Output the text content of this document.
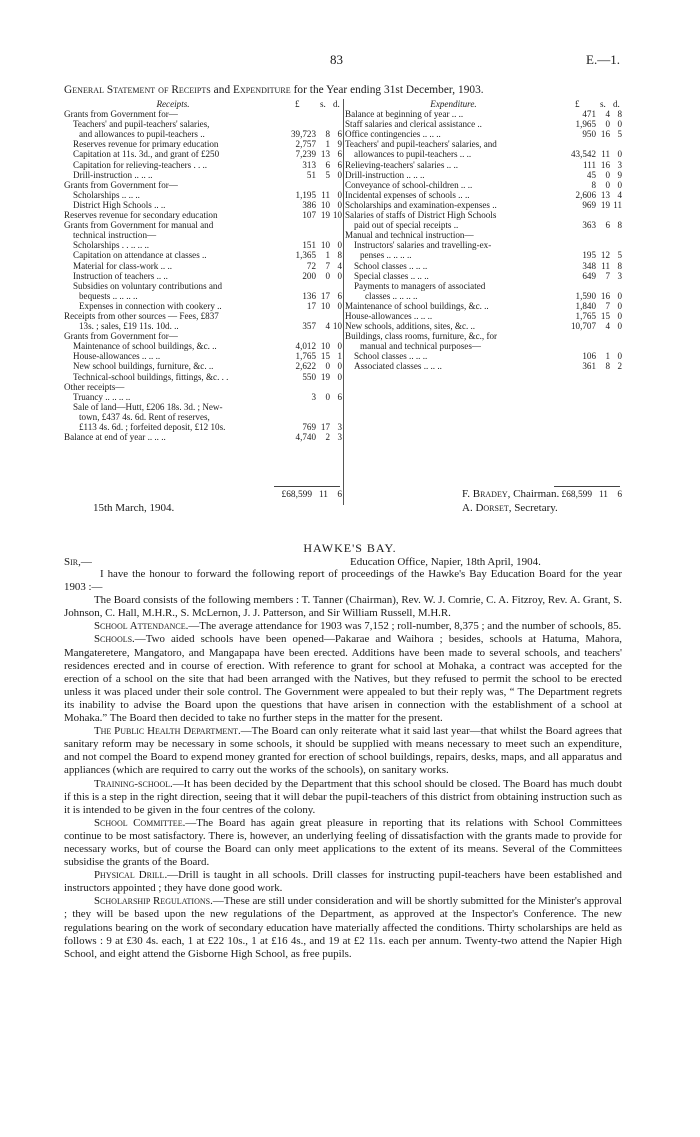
83	E.—1.
General Statement of Receipts and Expenditure for the Year ending 31st December, 1903.
Receipts.	£ s. d.
Grants from Government for—
Teachers' and pupil-teachers' salaries,
and allowances to pupil-teachers ..	39,723	8 6
Reserves revenue for primary education	2,757	1 9
Capitation at 11s. 3d., and grant of £250	7,239 13 6
Capitation for relieving-teachers . . ..	313	6 6
Drill-instruction .. .. ..	51	5 0
Grants from Government for—
Scholarships .. .. ..	1,195 11 0
District High Schools .. ..	386 10 0
Reserves revenue for secondary education	107 19 10
Grants from Government for manual and
technical instruction—
Scholarships . . .. .. ..	151 10 0
Capitation on attendance at classes ..	1,365	1 8
Material for class-work .. ..	72	7 4
Instruction of teachers .. ..	200	0 0
Subsidies on voluntary contributions and
bequests .. .. .. ..	136 17 6
Expenses in connection with cookery ..	17 10 0
Receipts from other sources — Fees, £837
13s. ; sales, £19 11s. 10d. ..	357	4 10
Grants from Government for—
Maintenance of school buildings, &c. ..	4,012 10 0
House-allowances .. .. ..	1,765 15 1
New school buildings, furniture, &c. ..	2,622	0 0
Technical-school buildings, fittings, &c. . .	550 19 0
Other receipts—
Truancy .. .. .. ..	3	0 6
Sale of land—Hutt, £206 18s. 3d. ; New-
town, £437 4s. 6d. Rent of reserves,
£113 4s. 6d. ; forfeited deposit, £12 10s.	769 17 3
Balance at end of year .. .. ..	4,740	2 3
Expenditure.	£ s. d.
Balance at beginning of year .. ..	471	4 8
Staff salaries and clerical assistance ..	1,965	0 0
Office contingencies .. .. ..	950 16 5
Teachers' and pupil-teachers' salaries, and
allowances to pupil-teachers .. ..	43,542 11 0
Relieving-teachers' salaries .. ..	111 16 3
Drill-instruction .. .. ..	45	0 9
Conveyance of school-children .. ..	8	0 0
Incidental expenses of schools .. ..	2,606 13 4
Scholarships and examination-expenses ..	969 19 11
Salaries of staffs of District High Schools
paid out of special receipts ..	363	6 8
Manual and technical instruction—
Instructors' salaries and travelling-ex-
penses .. .. .. ..	195 12 5
School classes .. .. ..	348 11 8
Special classes .. .. ..	649	7 3
Payments to managers of associated
classes .. .. .. ..	1,590 16 0
Maintenance of school buildings, &c. ..	1,840	7 0
House-allowances .. .. ..	1,765 15 0
New schools, additions, sites, &c. ..	10,707	4 0
Buildings, class rooms, furniture, &c., for
manual and technical purposes—
School classes .. .. ..	106	1 0
Associated classes .. .. ..	361	8 2
£68,599 11 6	£68,599 11 6
F. Bradey, Chairman.
15th March, 1904.	A. Dorset, Secretary.
HAWKE'S BAY.
Sir,—	Education Office, Napier, 18th April, 1904.

I have the honour to forward the following report of proceedings of the Hawke's Bay Education Board for the year 1903 :—

The Board consists of the following members : T. Tanner (Chairman), Rev. W. J. Comrie, C. A. Fitzroy, Rev. A. Grant, S. Johnson, C. Hall, M.H.R., S. McLernon, J. J. Patterson, and Sir William Russell, M.H.R.

School Attendance.—The average attendance for 1903 was 7,152 ; roll-number, 8,375 ; and the number of schools, 85.

Schools.—Two aided schools have been opened—Pakarae and Waihora ; besides, schools at Hatuma, Mahora, Mangateretere, Mangatoro, and Mangapapa have been erected. Additions have been made to several schools, and teachers' residences erected and in course of erection. With reference to grant for school at Mohaka, a contract was accepted for the erection of a school on the site that had been arranged with the Natives, but they refused to permit the school to be erected unless it was placed under their sole control. The Government were appealed to but their reply was, “ The Department regrets its inability to advise the Board upon the questions that have arisen in connection with the establishment of a school at Mohaka.” The Board then decided to take no further steps in the matter for the present.

The Public Health Department.—The Board can only reiterate what it said last year—that whilst the Board agrees that sanitary reform may be necessary in some schools, it should be supplied with means necessary to meet such an expenditure, and not compel the Board to expend money granted for erection of school buildings, repairs, desks, maps, and all apparatus and appliances (which are required to carry out the works of the schools), on sanitary works.

Training-school.—It has been decided by the Department that this school should be closed. The Board has much doubt if this is a step in the right direction, seeing that it will debar the pupil-teachers of this district from obtaining instruction such as it is intended to be given in the four centres of the colony.

School Committee.—The Board has again great pleasure in reporting that its relations with School Committees continue to be most satisfactory. There is, however, an underlying feeling of dissatisfaction with the grants made to provide for necessary works, but of course the Board can only meet applications to the extent of its means. Several of the Committees subsidise the grants of the Board.

Physical Drill.—Drill is taught in all schools. Drill classes for instructing pupil-teachers have been established and instructors appointed ; they have done good work.

Scholarship Regulations.—These are still under consideration and will be shortly submitted for the Minister's approval ; they will be based upon the new regulations of the Department, as approved at the Inspector's Conference. The new regulations bearing on the work of secondary education have materially affected the conditions. Thirty scholarships are held as follows : 9 at £30 4s. each, 1 at £22 10s., 1 at £16 4s., and 19 at £2 11s. each per annum. Twenty-two attend the Napier High School, and eight attend the Gisborne High School, as free pupils.
